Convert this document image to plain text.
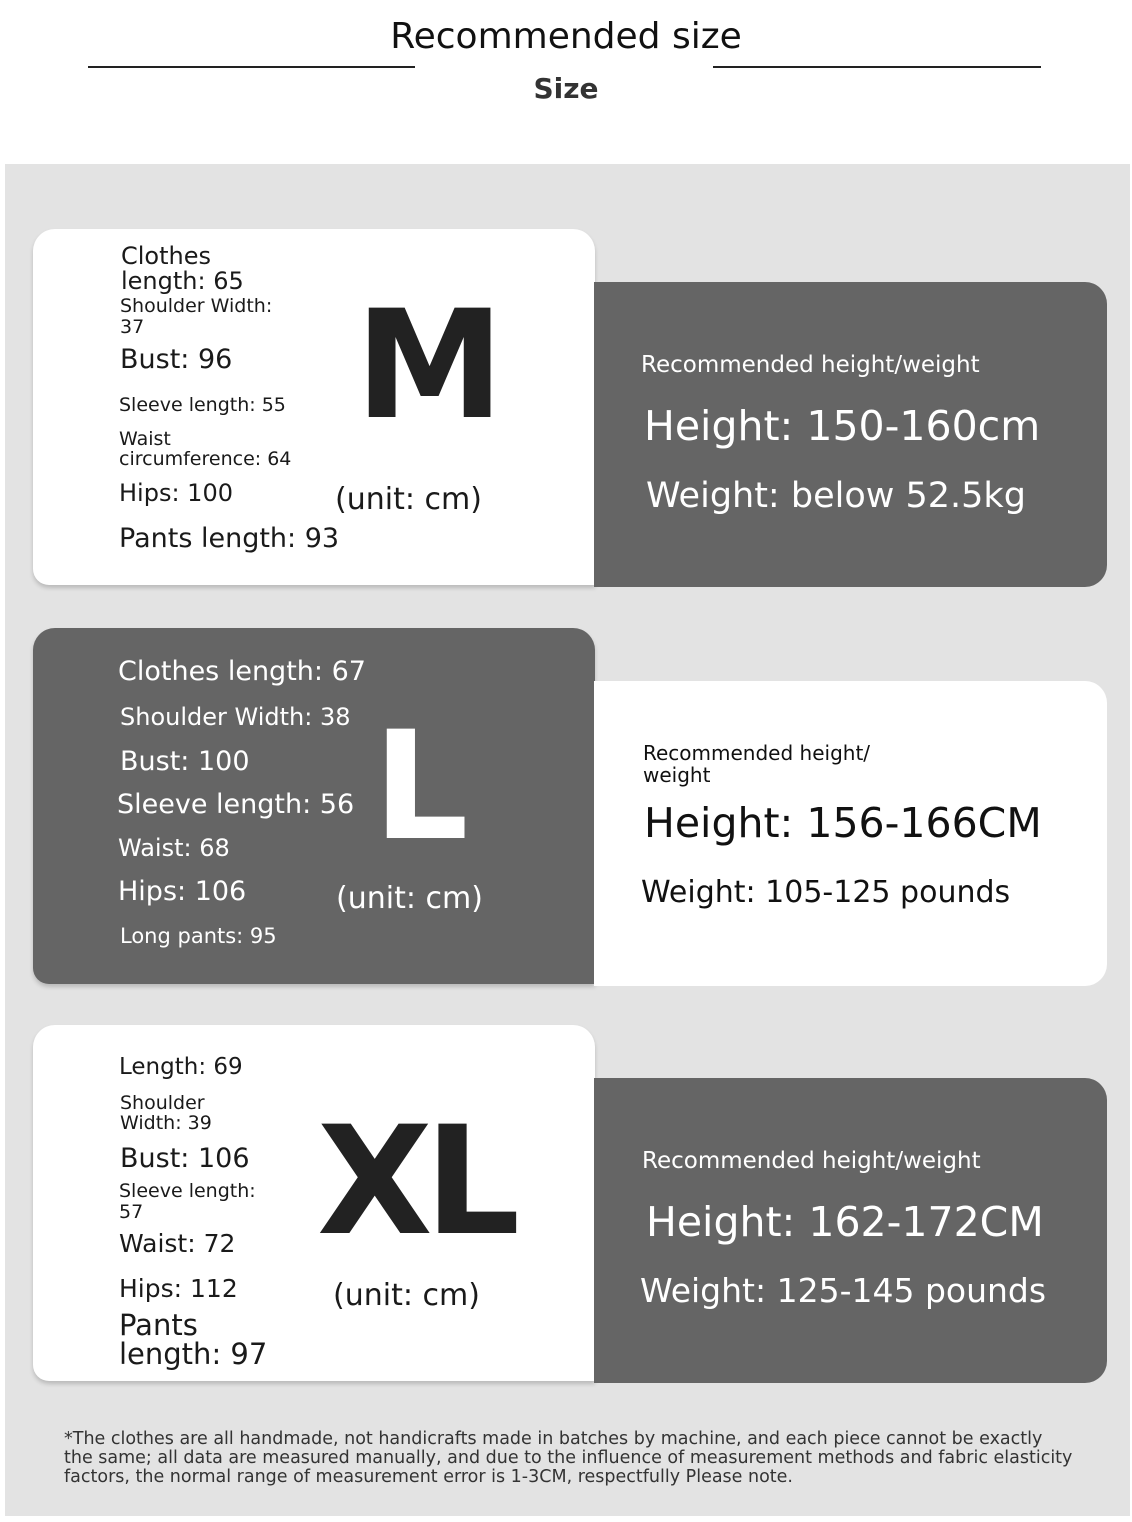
Recommended size
Size
Clothes
length: 65
Shoulder Width:
37
Bust: 96
Sleeve length: 55
Waist
circumference: 64
Hips: 100
Pants length: 93
M
(unit: cm)
Recommended height/weight
Height: 150-160cm
Weight: below 52.5kg
Clothes length: 67
Shoulder Width: 38
Bust: 100
Sleeve length: 56
Waist: 68
Hips: 106
Long pants: 95
L
(unit: cm)
Recommended height/
weight
Height: 156-166CM
Weight: 105-125 pounds
Length: 69
Shoulder
Width: 39
Bust: 106
Sleeve length:
57
Waist: 72
Hips: 112
Pants
length: 97
XL
(unit: cm)
Recommended height/weight
Height: 162-172CM
Weight: 125-145 pounds
*The clothes are all handmade, not handicrafts made in batches by machine, and each piece cannot be exactly the same; all data are measured manually, and due to the influence of measurement methods and fabric elasticity factors, the normal range of measurement error is 1-3CM, respectfully Please note.
